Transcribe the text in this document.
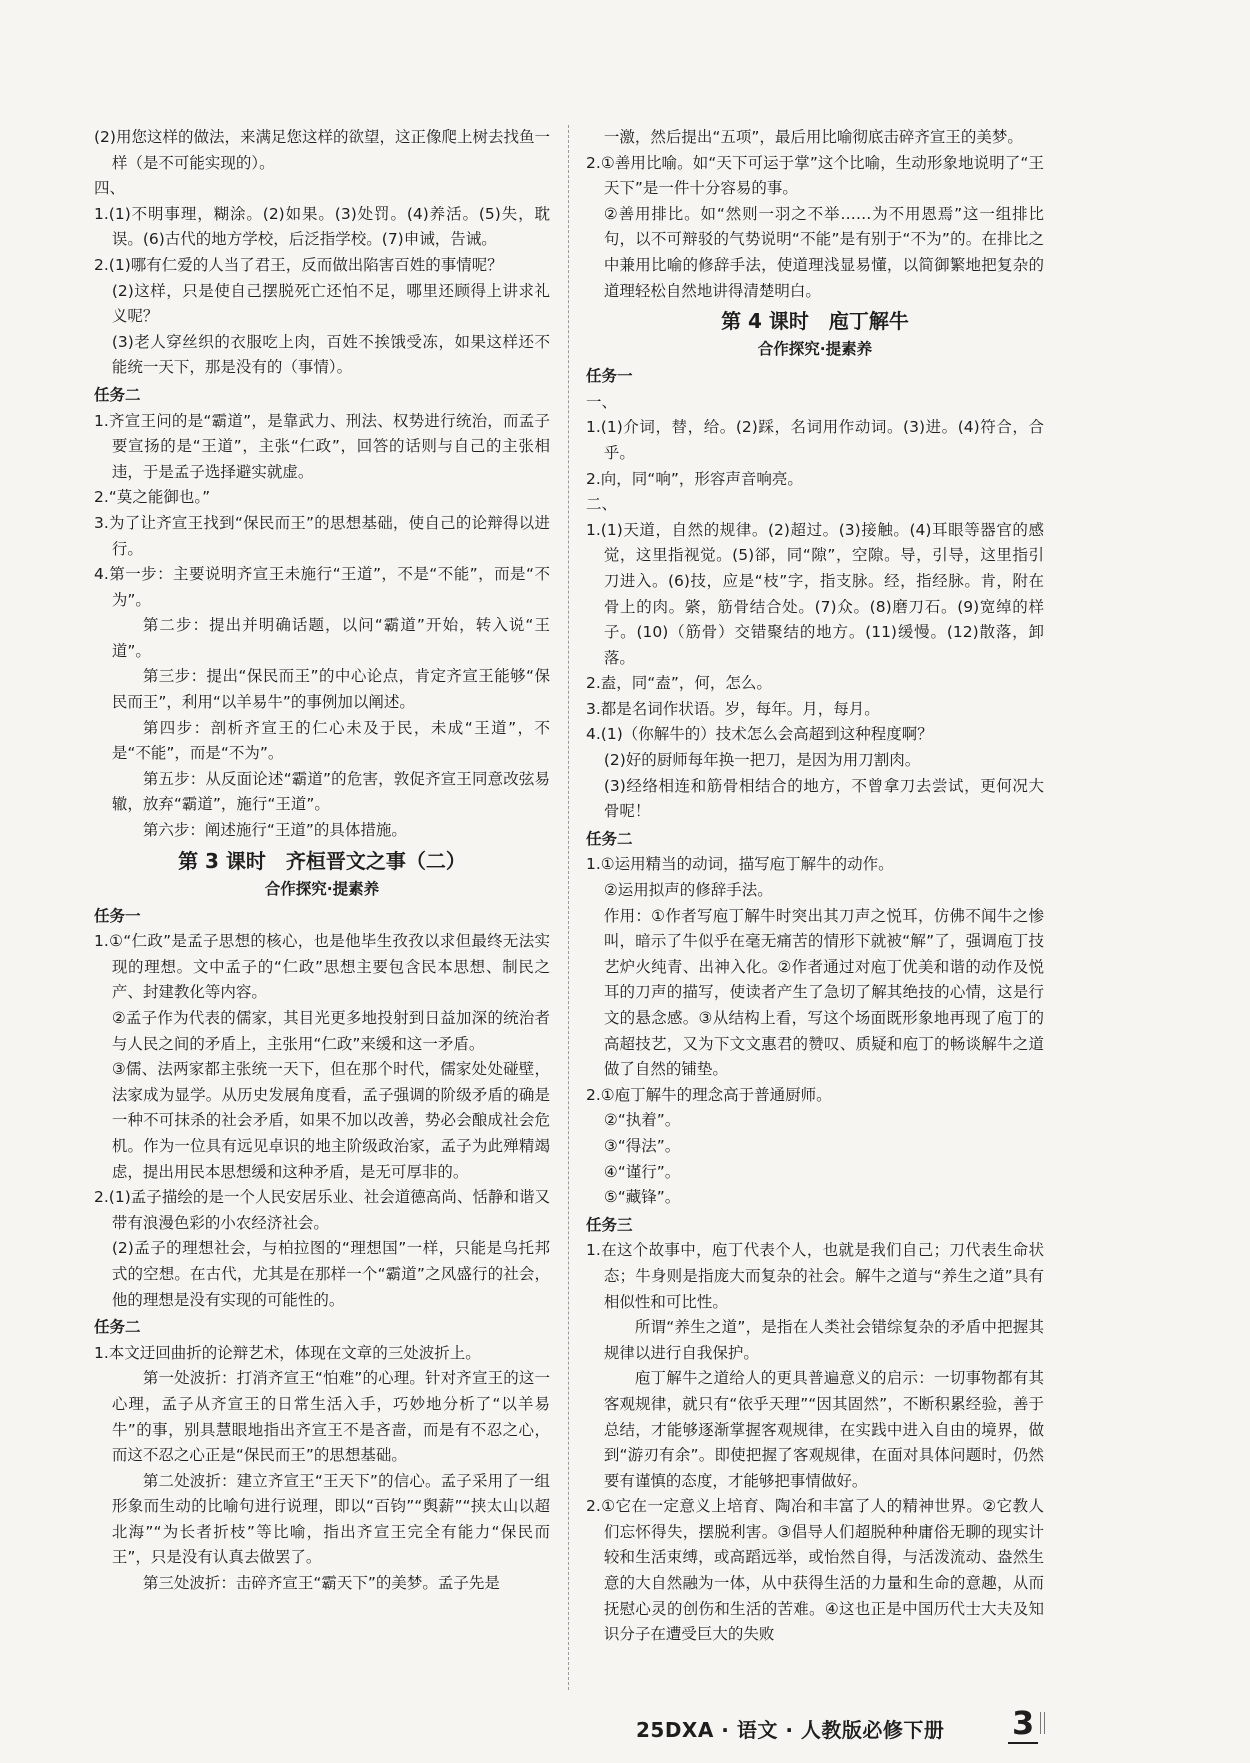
(2)用您这样的做法，来满足您这样的欲望，这正像爬上树去找鱼一样（是不可能实现的）。
四、
1.(1)不明事理，糊涂。(2)如果。(3)处罚。(4)养活。(5)失，耽误。(6)古代的地方学校，后泛指学校。(7)申诫，告诫。
2.(1)哪有仁爱的人当了君王，反而做出陷害百姓的事情呢？
(2)这样，只是使自己摆脱死亡还怕不足，哪里还顾得上讲求礼义呢？
(3)老人穿丝织的衣服吃上肉，百姓不挨饿受冻，如果这样还不能统一天下，那是没有的（事情）。
任务二
1.齐宣王问的是“霸道”，是靠武力、刑法、权势进行统治，而孟子要宣扬的是“王道”，主张“仁政”，回答的话则与自己的主张相违，于是孟子选择避实就虚。
2.“莫之能御也。”
3.为了让齐宣王找到“保民而王”的思想基础，使自己的论辩得以进行。
4.第一步：主要说明齐宣王未施行“王道”，不是“不能”，而是“不为”。
第二步：提出并明确话题，以问“霸道”开始，转入说“王道”。
第三步：提出“保民而王”的中心论点，肯定齐宣王能够“保民而王”，利用“以羊易牛”的事例加以阐述。
第四步：剖析齐宣王的仁心未及于民，未成“王道”，不是“不能”，而是“不为”。
第五步：从反面论述“霸道”的危害，敦促齐宣王同意改弦易辙，放弃“霸道”，施行“王道”。
第六步：阐述施行“王道”的具体措施。
第 3 课时　齐桓晋文之事（二）
合作探究·提素养
任务一
1.①“仁政”是孟子思想的核心，也是他毕生孜孜以求但最终无法实现的理想。文中孟子的“仁政”思想主要包含民本思想、制民之产、封建教化等内容。
②孟子作为代表的儒家，其目光更多地投射到日益加深的统治者与人民之间的矛盾上，主张用“仁政”来缓和这一矛盾。
③儒、法两家都主张统一天下，但在那个时代，儒家处处碰壁，法家成为显学。从历史发展角度看，孟子强调的阶级矛盾的确是一种不可抹杀的社会矛盾，如果不加以改善，势必会酿成社会危机。作为一位具有远见卓识的地主阶级政治家，孟子为此殚精竭虑，提出用民本思想缓和这种矛盾，是无可厚非的。
2.(1)孟子描绘的是一个人民安居乐业、社会道德高尚、恬静和谐又带有浪漫色彩的小农经济社会。
(2)孟子的理想社会，与柏拉图的“理想国”一样，只能是乌托邦式的空想。在古代，尤其是在那样一个“霸道”之风盛行的社会，他的理想是没有实现的可能性的。
任务二
1.本文迂回曲折的论辩艺术，体现在文章的三处波折上。
第一处波折：打消齐宣王“怕难”的心理。针对齐宣王的这一心理，孟子从齐宣王的日常生活入手，巧妙地分析了“以羊易牛”的事，别具慧眼地指出齐宣王不是吝啬，而是有不忍之心，而这不忍之心正是“保民而王”的思想基础。
第二处波折：建立齐宣王“王天下”的信心。孟子采用了一组形象而生动的比喻句进行说理，即以“百钧”“舆薪”“挟太山以超北海”“为长者折枝”等比喻，指出齐宣王完全有能力“保民而王”，只是没有认真去做罢了。
第三处波折：击碎齐宣王“霸天下”的美梦。孟子先是
一激，然后提出“五项”，最后用比喻彻底击碎齐宣王的美梦。
2.①善用比喻。如“天下可运于掌”这个比喻，生动形象地说明了“王天下”是一件十分容易的事。
②善用排比。如“然则一羽之不举……为不用恩焉”这一组排比句，以不可辩驳的气势说明“不能”是有别于“不为”的。在排比之中兼用比喻的修辞手法，使道理浅显易懂，以简御繁地把复杂的道理轻松自然地讲得清楚明白。
第 4 课时　庖丁解牛
合作探究·提素养
任务一
一、
1.(1)介词，替，给。(2)踩，名词用作动词。(3)进。(4)符合，合乎。
2.向，同“响”，形容声音响亮。
二、
1.(1)天道，自然的规律。(2)超过。(3)接触。(4)耳眼等器官的感觉，这里指视觉。(5)郤，同“隙”，空隙。导，引导，这里指引刀进入。(6)技，应是“枝”字，指支脉。经，指经脉。肯，附在骨上的肉。綮，筋骨结合处。(7)众。(8)磨刀石。(9)宽绰的样子。(10)（筋骨）交错聚结的地方。(11)缓慢。(12)散落，卸落。
2.盍，同“盍”，何，怎么。
3.都是名词作状语。岁，每年。月，每月。
4.(1)（你解牛的）技术怎么会高超到这种程度啊？
(2)好的厨师每年换一把刀，是因为用刀割肉。
(3)经络相连和筋骨相结合的地方，不曾拿刀去尝试，更何况大骨呢！
任务二
1.①运用精当的动词，描写庖丁解牛的动作。
②运用拟声的修辞手法。
作用：①作者写庖丁解牛时突出其刀声之悦耳，仿佛不闻牛之惨叫，暗示了牛似乎在毫无痛苦的情形下就被“解”了，强调庖丁技艺炉火纯青、出神入化。②作者通过对庖丁优美和谐的动作及悦耳的刀声的描写，使读者产生了急切了解其绝技的心情，这是行文的悬念感。③从结构上看，写这个场面既形象地再现了庖丁的高超技艺，又为下文文惠君的赞叹、质疑和庖丁的畅谈解牛之道做了自然的铺垫。
2.①庖丁解牛的理念高于普通厨师。
②“执着”。
③“得法”。
④“谨行”。
⑤“藏锋”。
任务三
1.在这个故事中，庖丁代表个人，也就是我们自己；刀代表生命状态；牛身则是指庞大而复杂的社会。解牛之道与“养生之道”具有相似性和可比性。
所谓“养生之道”，是指在人类社会错综复杂的矛盾中把握其规律以进行自我保护。
庖丁解牛之道给人的更具普遍意义的启示：一切事物都有其客观规律，就只有“依乎天理”“因其固然”，不断积累经验，善于总结，才能够逐渐掌握客观规律，在实践中进入自由的境界，做到“游刃有余”。即使把握了客观规律，在面对具体问题时，仍然要有谨慎的态度，才能够把事情做好。
2.①它在一定意义上培育、陶冶和丰富了人的精神世界。②它教人们忘怀得失，摆脱利害。③倡导人们超脱种种庸俗无聊的现实计较和生活束缚，或高蹈远举，或怡然自得，与活泼流动、盎然生意的大自然融为一体，从中获得生活的力量和生命的意趣，从而抚慰心灵的创伤和生活的苦难。④这也正是中国历代士大夫及知识分子在遭受巨大的失败
25DXA · 语文 · 人教版必修下册 3
